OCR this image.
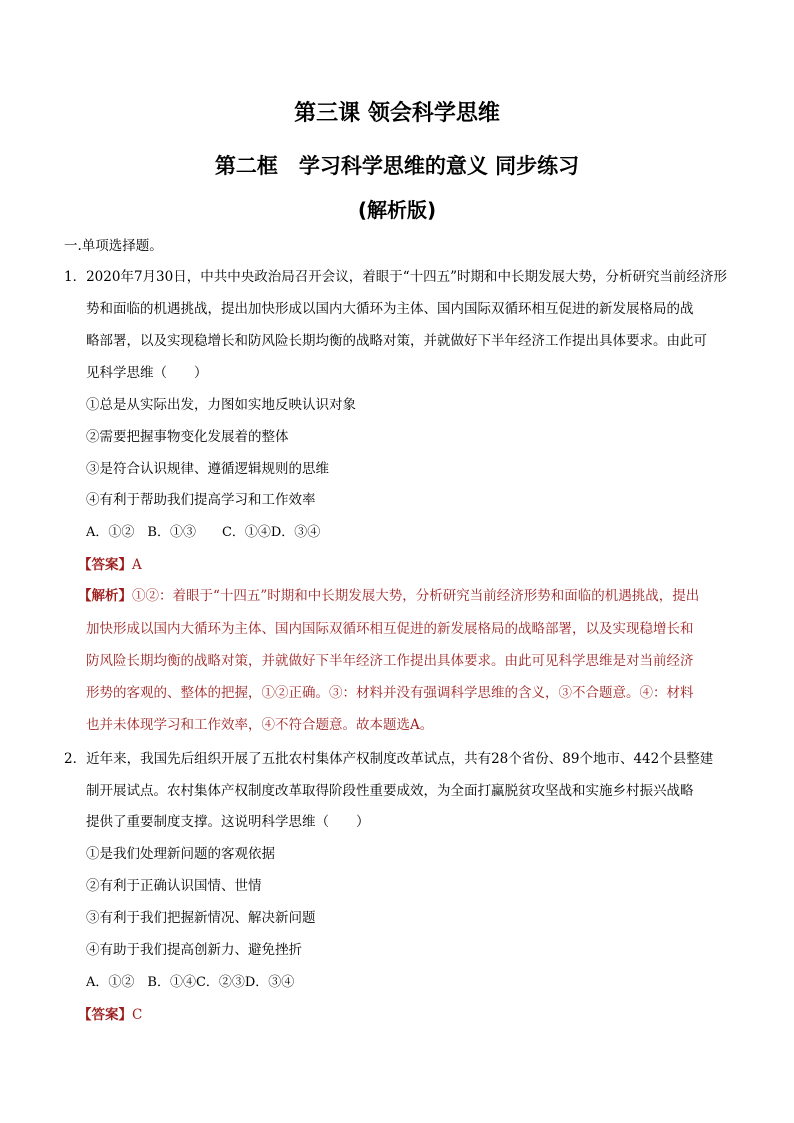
第三课 领会科学思维
第二框　学习科学思维的意义 同步练习
(解析版)
一.单项选择题。
1．2020年7月30日，中共中央政治局召开会议，着眼于“十四五”时期和中长期发展大势，分析研究当前经济形
势和面临的机遇挑战，提出加快形成以国内大循环为主体、国内国际双循环相互促进的新发展格局的战
略部署，以及实现稳增长和防风险长期均衡的战略对策，并就做好下半年经济工作提出具体要求。由此可
见科学思维（　　）
①总是从实际出发，力图如实地反映认识对象
②需要把握事物变化发展着的整体
③是符合认识规律、遵循逻辑规则的思维
④有利于帮助我们提高学习和工作效率
A．①②　B．①③　　C．①④D．③④
【答案】A
【解析】①②：着眼于“十四五”时期和中长期发展大势，分析研究当前经济形势和面临的机遇挑战，提出
加快形成以国内大循环为主体、国内国际双循环相互促进的新发展格局的战略部署，以及实现稳增长和
防风险长期均衡的战略对策，并就做好下半年经济工作提出具体要求。由此可见科学思维是对当前经济
形势的客观的、整体的把握，①②正确。③：材料并没有强调科学思维的含义，③不合题意。④：材料
也并未体现学习和工作效率，④不符合题意。故本题选A。
2．近年来，我国先后组织开展了五批农村集体产权制度改革试点，共有28个省份、89个地市、442个县整建
制开展试点。农村集体产权制度改革取得阶段性重要成效，为全面打赢脱贫攻坚战和实施乡村振兴战略
提供了重要制度支撑。这说明科学思维（　　）
①是我们处理新问题的客观依据
②有利于正确认识国情、世情
③有利于我们把握新情况、解决新问题
④有助于我们提高创新力、避免挫折
A．①②　B．①④C．②③D．③④
【答案】C
